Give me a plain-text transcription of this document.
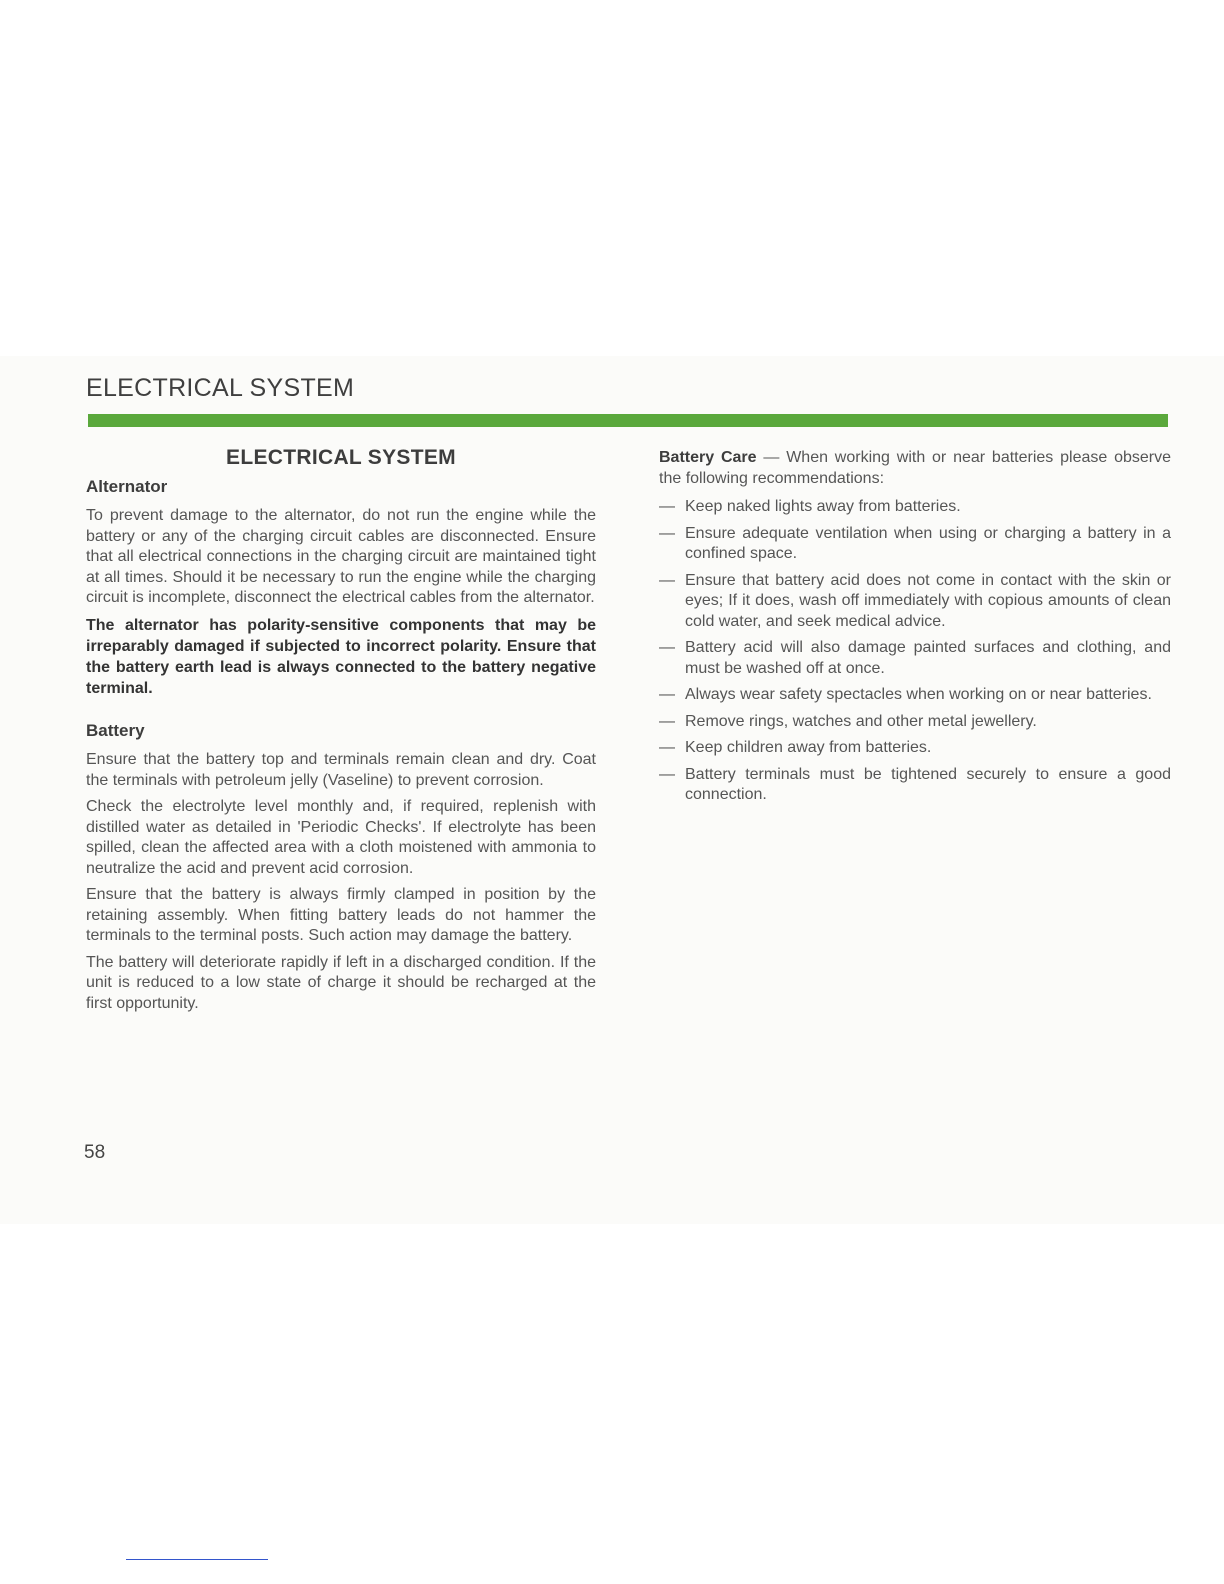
ELECTRICAL SYSTEM
ELECTRICAL SYSTEM
Alternator

To prevent damage to the alternator, do not run the engine while the battery or any of the charging circuit cables are disconnected. Ensure that all electrical connections in the charging circuit are maintained tight at all times. Should it be necessary to run the engine while the charging circuit is incomplete, disconnect the electrical cables from the alternator.

The alternator has polarity-sensitive components that may be irreparably damaged if subjected to incorrect polarity. Ensure that the battery earth lead is always connected to the battery negative terminal.

Battery

Ensure that the battery top and terminals remain clean and dry. Coat the terminals with petroleum jelly (Vaseline) to prevent corrosion.

Check the electrolyte level monthly and, if required, replenish with distilled water as detailed in 'Periodic Checks'. If electrolyte has been spilled, clean the affected area with a cloth moistened with ammonia to neutralize the acid and prevent acid corrosion.

Ensure that the battery is always firmly clamped in position by the retaining assembly. When fitting battery leads do not hammer the terminals to the terminal posts. Such action may damage the battery.

The battery will deteriorate rapidly if left in a discharged condition. If the unit is reduced to a low state of charge it should be recharged at the first opportunity.

Battery Care — When working with or near batteries please observe the following recommendations:

— Keep naked lights away from batteries.
— Ensure adequate ventilation when using or charging a battery in a confined space.
— Ensure that battery acid does not come in contact with the skin or eyes; If it does, wash off immediately with copious amounts of clean cold water, and seek medical advice.
— Battery acid will also damage painted surfaces and clothing, and must be washed off at once.
— Always wear safety spectacles when working on or near batteries.
— Remove rings, watches and other metal jewellery.
— Keep children away from batteries.
— Battery terminals must be tightened securely to ensure a good connection.
58
